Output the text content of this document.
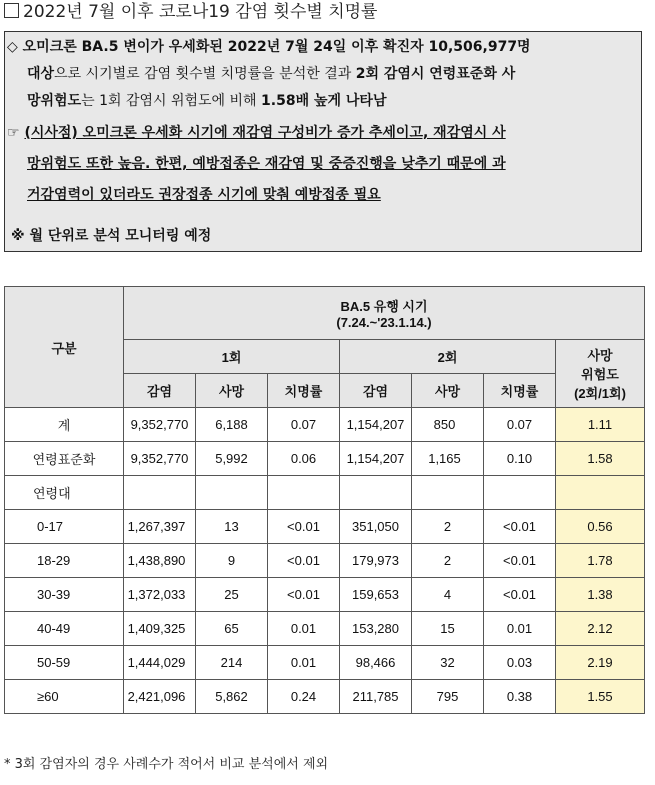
2022년 7월 이후 코로나19 감염 횟수별 치명률
◇ 오미크론 BA.5 변이가 우세화된 2022년 7월 24일 이후 확진자 10,506,977명
대상으로 시기별로 감염 횟수별 치명률을 분석한 결과 2회 감염시 연령표준화 사
망위험도는 1회 감염시 위험도에 비해 1.58배 높게 나타남
☞ (시사점) 오미크론 우세화 시기에 재감염 구성비가 증가 추세이고, 재감염시 사
망위험도 또한 높음. 한편, 예방접종은 재감염 및 중증진행을 낮추기 때문에 과
거감염력이 있더라도 권장접종 시기에 맞춰 예방접종 필요
※ 월 단위로 분석 모니터링 예정
구분	BA.5 유행 시기
(7.24.~'23.1.14.)						

	1회			2회			사망
위험도
(2회/1회)

	감염	사망	치명률	감염	사망	치명률	
계	9,352,770	6,188	0.07	1,154,207	850	0.07	1.11
연령표준화	9,352,770	5,992	0.06	1,154,207	1,165	0.10	1.58
연령대							
0-17	1,267,397	13	<0.01	351,050	2	<0.01	0.56
18-29	1,438,890	9	<0.01	179,973	2	<0.01	1.78
30-39	1,372,033	25	<0.01	159,653	4	<0.01	1.38
40-49	1,409,325	65	0.01	153,280	15	0.01	2.12
50-59	1,444,029	214	0.01	98,466	32	0.03	2.19
≥60	2,421,096	5,862	0.24	211,785	795	0.38	1.55
* 3회 감염자의 경우 사례수가 적어서 비교 분석에서 제외
